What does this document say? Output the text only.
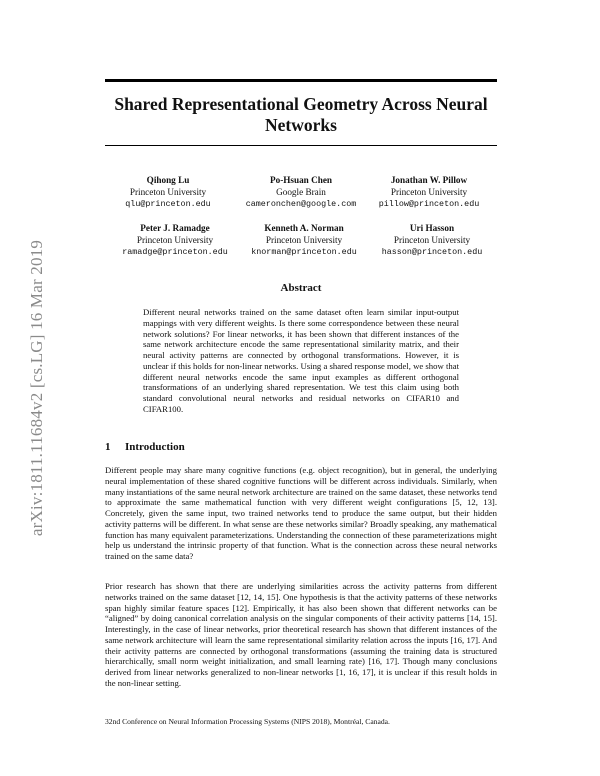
arXiv:1811.11684v2 [cs.LG] 16 Mar 2019
Shared Representational Geometry Across Neural Networks
Qihong Lu
Princeton University
qlu@princeton.edu
Po-Hsuan Chen
Google Brain
cameronchen@google.com
Jonathan W. Pillow
Princeton University
pillow@princeton.edu
Peter J. Ramadge
Princeton University
ramadge@princeton.edu
Kenneth A. Norman
Princeton University
knorman@princeton.edu
Uri Hasson
Princeton University
hasson@princeton.edu
Abstract
Different neural networks trained on the same dataset often learn similar input-output mappings with very different weights. Is there some correspondence between these neural network solutions? For linear networks, it has been shown that different instances of the same network architecture encode the same representational similarity matrix, and their neural activity patterns are connected by orthogonal transformations. However, it is unclear if this holds for non-linear networks. Using a shared response model, we show that different neural networks encode the same input examples as different orthogonal transformations of an underlying shared representation. We test this claim using both standard convolutional neural networks and residual networks on CIFAR10 and CIFAR100.
1 Introduction
Different people may share many cognitive functions (e.g. object recognition), but in general, the underlying neural implementation of these shared cognitive functions will be different across individuals. Similarly, when many instantiations of the same neural network architecture are trained on the same dataset, these networks tend to approximate the same mathematical function with very different weight configurations [5, 12, 13]. Concretely, given the same input, two trained networks tend to produce the same output, but their hidden activity patterns will be different. In what sense are these networks similar? Broadly speaking, any mathematical function has many equivalent parameterizations. Understanding the connection of these parameterizations might help us understand the intrinsic property of that function. What is the connection across these neural networks trained on the same data?
Prior research has shown that there are underlying similarities across the activity patterns from different networks trained on the same dataset [12, 14, 15]. One hypothesis is that the activity patterns of these networks span highly similar feature spaces [12]. Empirically, it has also been shown that different networks can be “aligned” by doing canonical correlation analysis on the singular components of their activity patterns [14, 15]. Interestingly, in the case of linear networks, prior theoretical research has shown that different instances of the same network architecture will learn the same representational similarity relation across the inputs [16, 17]. And their activity patterns are connected by orthogonal transformations (assuming the training data is structured hierarchically, small norm weight initialization, and small learning rate) [16, 17]. Though many conclusions derived from linear networks generalized to non-linear networks [1, 16, 17], it is unclear if this result holds in the non-linear setting.
32nd Conference on Neural Information Processing Systems (NIPS 2018), Montréal, Canada.
